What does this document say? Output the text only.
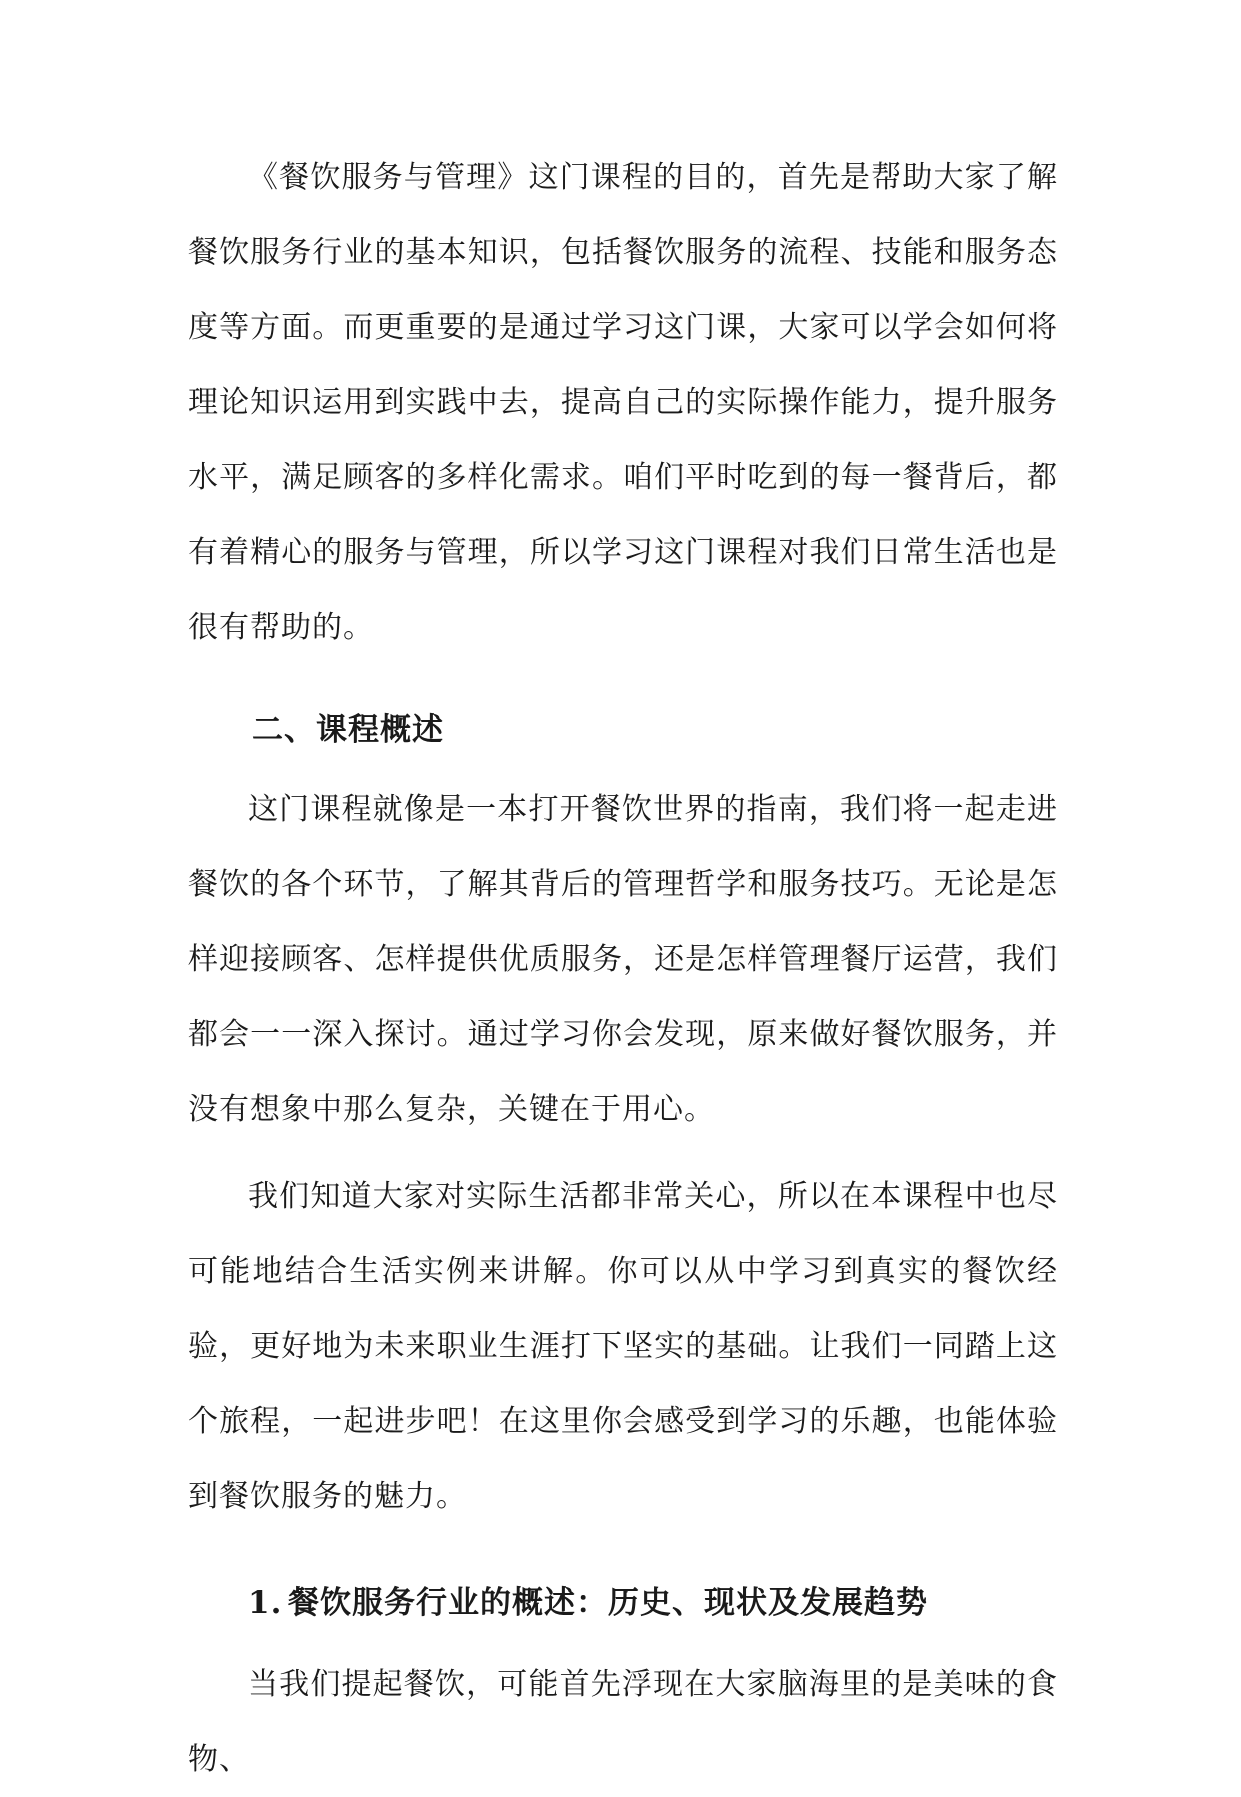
《餐饮服务与管理》这门课程的目的，首先是帮助大家了解餐饮服务行业的基本知识，包括餐饮服务的流程、技能和服务态度等方面。而更重要的是通过学习这门课，大家可以学会如何将理论知识运用到实践中去，提高自己的实际操作能力，提升服务水平，满足顾客的多样化需求。咱们平时吃到的每一餐背后，都有着精心的服务与管理，所以学习这门课程对我们日常生活也是很有帮助的。

二、课程概述

这门课程就像是一本打开餐饮世界的指南，我们将一起走进餐饮的各个环节，了解其背后的管理哲学和服务技巧。无论是怎样迎接顾客、怎样提供优质服务，还是怎样管理餐厅运营，我们都会一一深入探讨。通过学习你会发现，原来做好餐饮服务，并没有想象中那么复杂，关键在于用心。

我们知道大家对实际生活都非常关心，所以在本课程中也尽可能地结合生活实例来讲解。你可以从中学习到真实的餐饮经验，更好地为未来职业生涯打下坚实的基础。让我们一同踏上这个旅程，一起进步吧！在这里你会感受到学习的乐趣，也能体验到餐饮服务的魅力。

1. 餐饮服务行业的概述：历史、现状及发展趋势

当我们提起餐饮，可能首先浮现在大家脑海里的是美味的食物、
